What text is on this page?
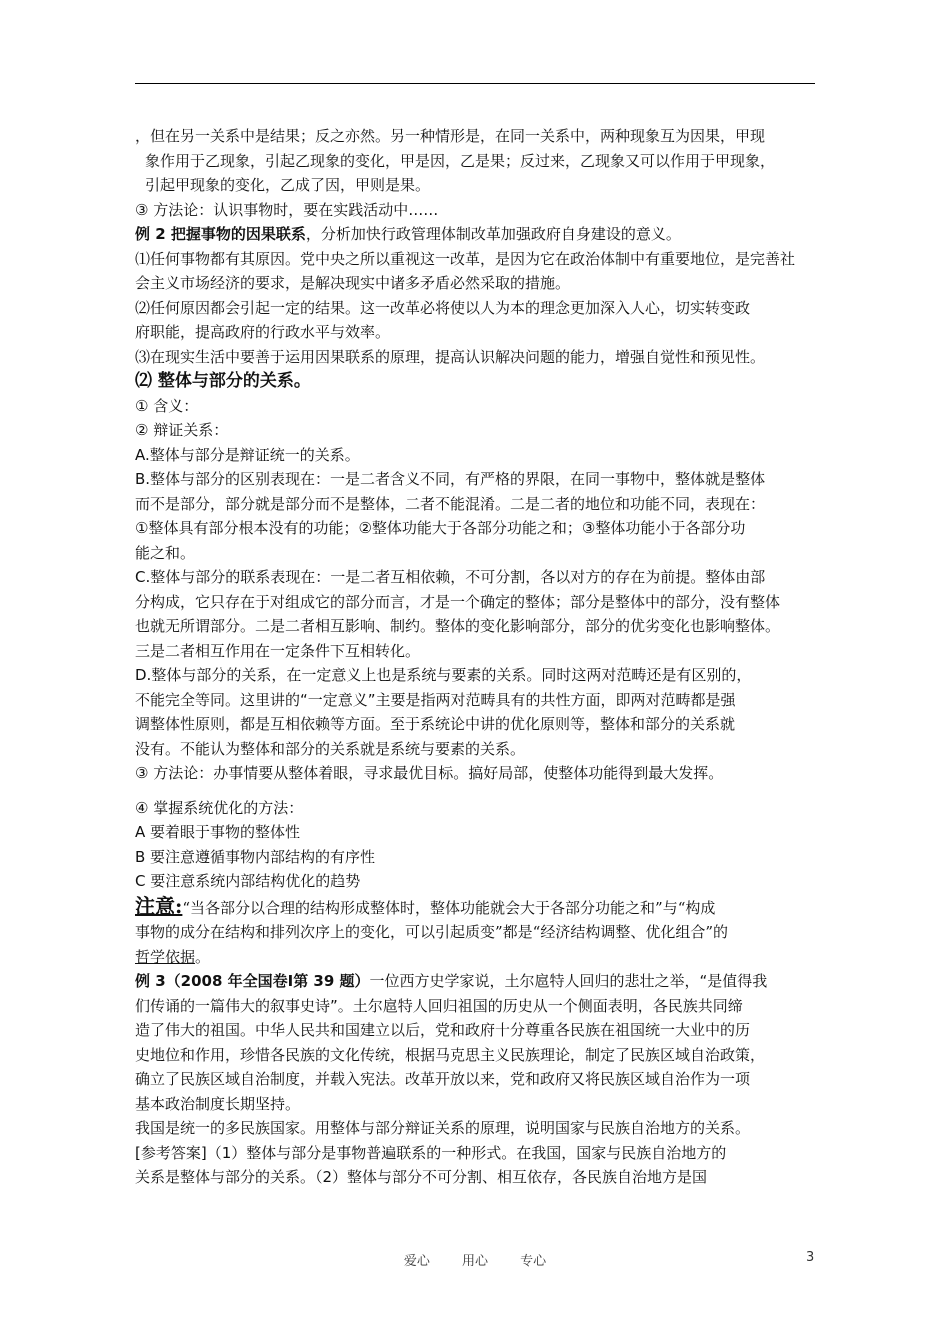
，但在另一关系中是结果；反之亦然。另一种情形是，在同一关系中，两种现象互为因果，甲现

象作用于乙现象，引起乙现象的变化，甲是因，乙是果；反过来，乙现象又可以作用于甲现象，

引起甲现象的变化，乙成了因，甲则是果。

③ 方法论：认识事物时，要在实践活动中……

例 2 把握事物的因果联系，分析加快行政管理体制改革加强政府自身建设的意义。

⑴任何事物都有其原因。党中央之所以重视这一改革，是因为它在政治体制中有重要地位，是完善社

会主义市场经济的要求，是解决现实中诸多矛盾必然采取的措施。

⑵任何原因都会引起一定的结果。这一改革必将使以人为本的理念更加深入人心，切实转变政

府职能，提高政府的行政水平与效率。

⑶在现实生活中要善于运用因果联系的原理，提高认识解决问题的能力，增强自觉性和预见性。

⑵ 整体与部分的关系。

① 含义：

② 辩证关系：

A.整体与部分是辩证统一的关系。

B.整体与部分的区别表现在：一是二者含义不同，有严格的界限，在同一事物中，整体就是整体

而不是部分，部分就是部分而不是整体，二者不能混淆。二是二者的地位和功能不同，表现在：

①整体具有部分根本没有的功能；②整体功能大于各部分功能之和；③整体功能小于各部分功

能之和。

C.整体与部分的联系表现在：一是二者互相依赖，不可分割，各以对方的存在为前提。整体由部

分构成，它只存在于对组成它的部分而言，才是一个确定的整体；部分是整体中的部分，没有整体

也就无所谓部分。二是二者相互影响、制约。整体的变化影响部分，部分的优劣变化也影响整体。

三是二者相互作用在一定条件下互相转化。

D.整体与部分的关系，在一定意义上也是系统与要素的关系。同时这两对范畴还是有区别的，

不能完全等同。这里讲的“一定意义”主要是指两对范畴具有的共性方面，即两对范畴都是强

调整体性原则，都是互相依赖等方面。至于系统论中讲的优化原则等，整体和部分的关系就

没有。不能认为整体和部分的关系就是系统与要素的关系。

③ 方法论：办事情要从整体着眼，寻求最优目标。搞好局部，使整体功能得到最大发挥。

④ 掌握系统优化的方法：

A 要着眼于事物的整体性

B 要注意遵循事物内部结构的有序性

C 要注意系统内部结构优化的趋势

注意:“当各部分以合理的结构形成整体时，整体功能就会大于各部分功能之和”与“构成

事物的成分在结构和排列次序上的变化，可以引起质变”都是“经济结构调整、优化组合”的

哲学依据。

例 3（2008 年全国卷Ⅰ第 39 题）一位西方史学家说，土尔扈特人回归的悲壮之举，“是值得我

们传诵的一篇伟大的叙事史诗”。土尔扈特人回归祖国的历史从一个侧面表明，各民族共同缔

造了伟大的祖国。中华人民共和国建立以后，党和政府十分尊重各民族在祖国统一大业中的历

史地位和作用，珍惜各民族的文化传统，根据马克思主义民族理论，制定了民族区域自治政策，

确立了民族区域自治制度，并载入宪法。改革开放以来，党和政府又将民族区域自治作为一项

基本政治制度长期坚持。

我国是统一的多民族国家。用整体与部分辩证关系的原理，说明国家与民族自治地方的关系。

[参考答案]（1）整体与部分是事物普遍联系的一种形式。在我国，国家与民族自治地方的

关系是整体与部分的关系。（2）整体与部分不可分割、相互依存，各民族自治地方是国

爱心 用心 专心	3
